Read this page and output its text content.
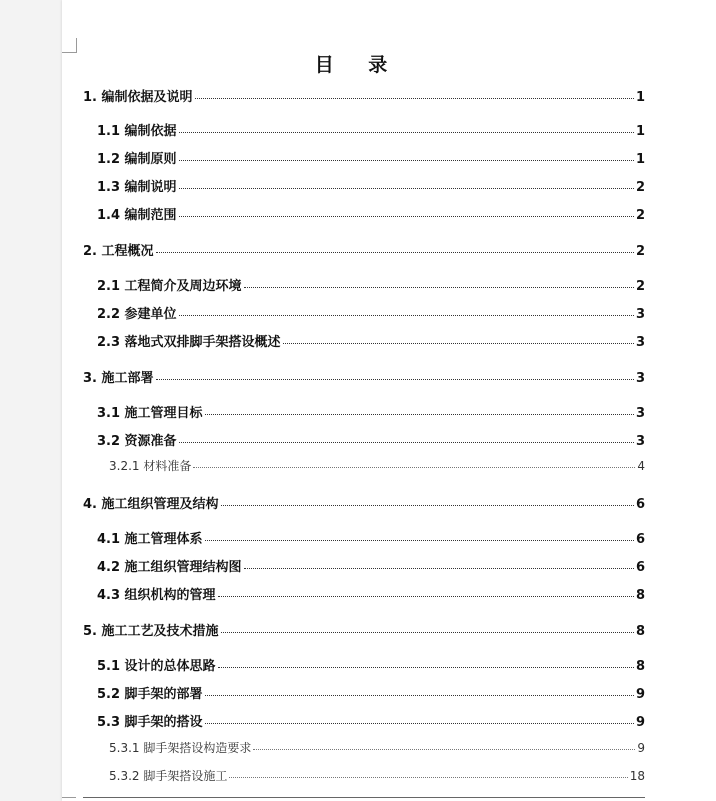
目 录
1. 编制依据及说明	1
1.1 编制依据	1
1.2 编制原则	1
1.3 编制说明	2
1.4 编制范围	2
2. 工程概况	2
2.1 工程简介及周边环境	2
2.2 参建单位	3
2.3 落地式双排脚手架搭设概述	3
3. 施工部署	3
3.1 施工管理目标	3
3.2 资源准备	3
3.2.1 材料准备	4
4. 施工组织管理及结构	6
4.1 施工管理体系	6
4.2 施工组织管理结构图	6
4.3 组织机构的管理	8
5. 施工工艺及技术措施	8
5.1 设计的总体思路	8
5.2 脚手架的部署	9
5.3 脚手架的搭设	9
5.3.1 脚手架搭设构造要求	9
5.3.2 脚手架搭设施工	18
